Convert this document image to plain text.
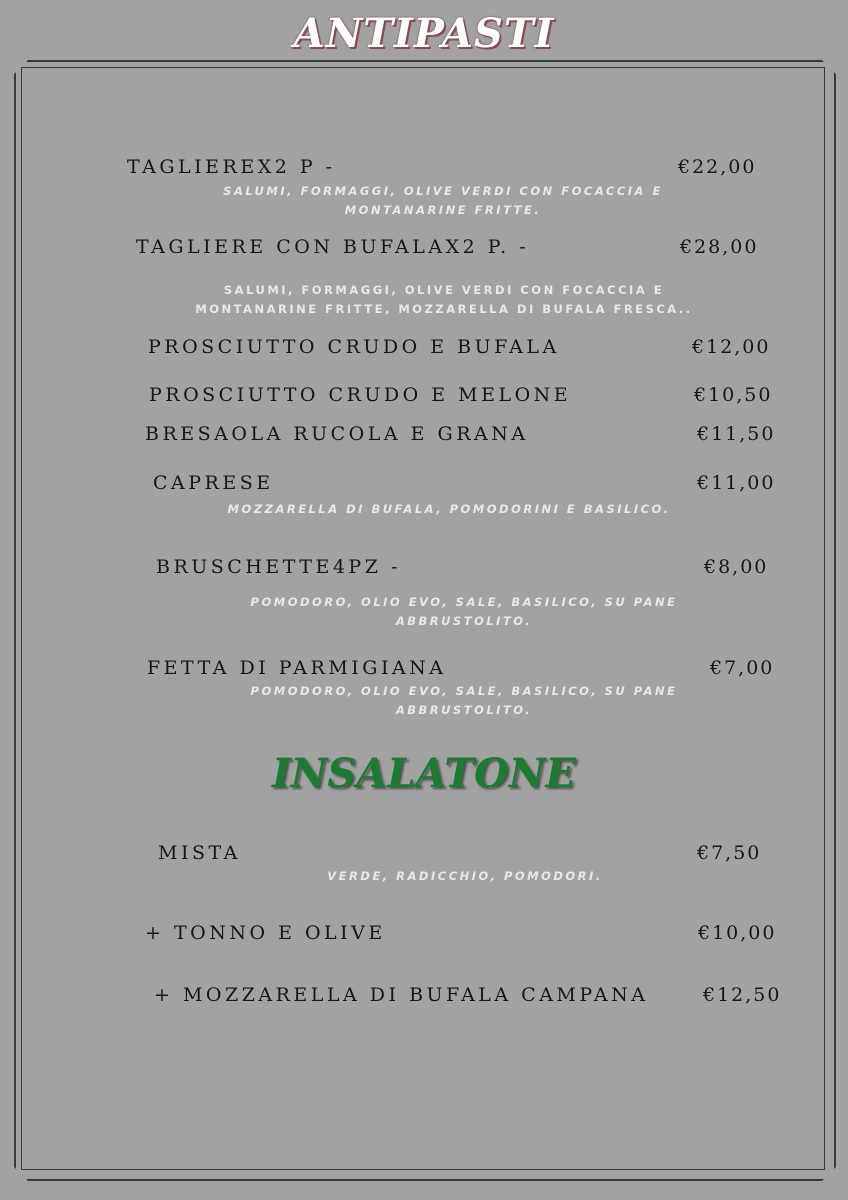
ANTIPASTI

TAGLIEREX2 P -	€22,00

SALUMI, FORMAGGI, OLIVE VERDI CON FOCACCIA E MONTANARINE FRITTE.

TAGLIERE CON BUFALAX2 P. -	€28,00

SALUMI, FORMAGGI, OLIVE VERDI CON FOCACCIA E MONTANARINE FRITTE, MOZZARELLA DI BUFALA FRESCA..

PROSCIUTTO CRUDO E BUFALA	€12,00

PROSCIUTTO CRUDO E MELONE	€10,50

BRESAOLA RUCOLA E GRANA	€11,50

CAPRESE	€11,00

MOZZARELLA DI BUFALA, POMODORINI E BASILICO.

BRUSCHETTE4PZ -	€8,00

POMODORO, OLIO EVO, SALE, BASILICO, SU PANE ABBRUSTOLITO.

FETTA DI PARMIGIANA	€7,00

POMODORO, OLIO EVO, SALE, BASILICO, SU PANE ABBRUSTOLITO.

INSALATONE

MISTA	€7,50

VERDE, RADICCHIO, POMODORI.

+ TONNO E OLIVE	€10,00

+ MOZZARELLA DI BUFALA CAMPANA	€12,50
